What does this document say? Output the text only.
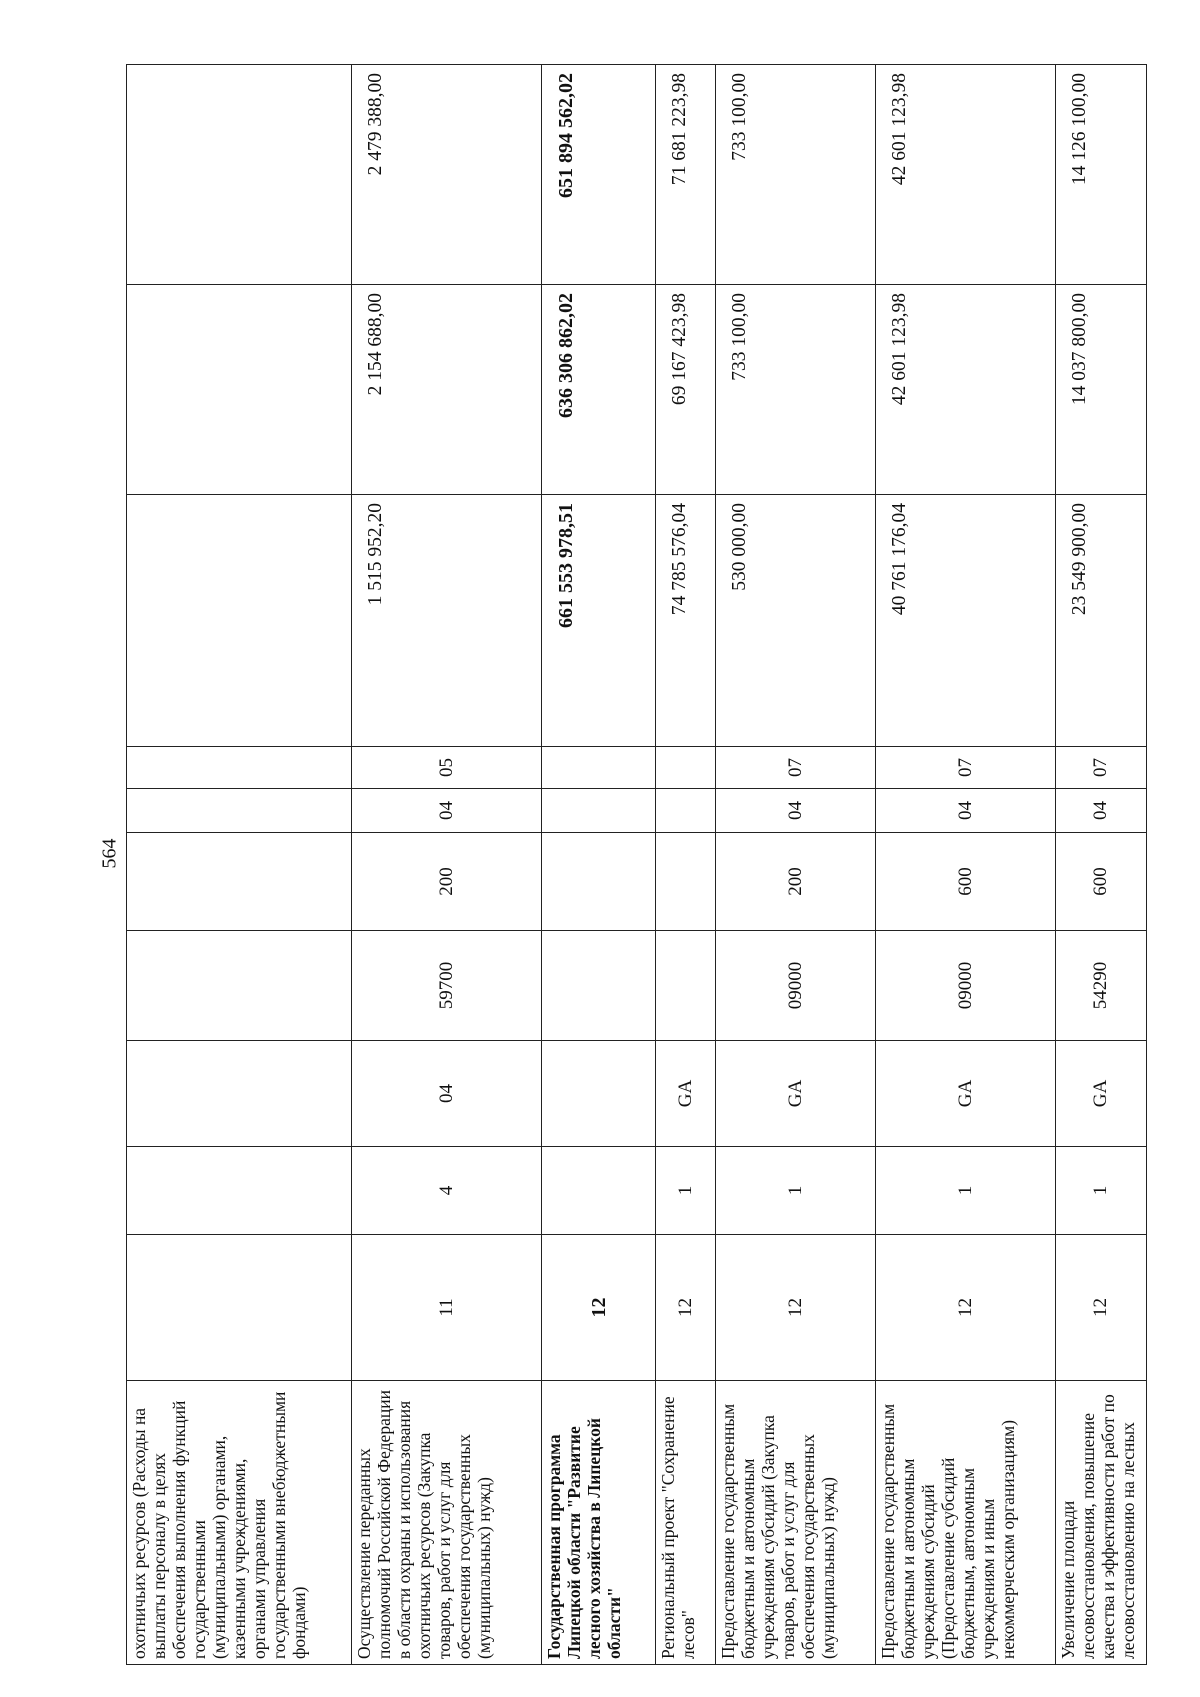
564
охотничьих ресурсов (Расходы на выплаты персоналу в целях обеспечения выполнения функций государственными (муниципальными) органами, казенными учреждениями, органами управления государственными внебюджетными фондами)										
Осуществление переданных полномочий Российской Федерации в области охраны и использования охотничьих ресурсов (Закупка товаров, работ и услуг для обеспечения государственных (муниципальных) нужд)	11	4	04	59700	200	04	05	1 515 952,20	2 154 688,00	2 479 388,00
Государственная программа Липецкой области "Развитие лесного хозяйства в Липецкой области"	12							661 553 978,51	636 306 862,02	651 894 562,02
Региональный проект "Сохранение лесов"	12	1	GA					74 785 576,04	69 167 423,98	71 681 223,98
Предоставление государственным бюджетным и автономным учреждениям субсидий (Закупка товаров, работ и услуг для обеспечения государственных (муниципальных) нужд)	12	1	GA	09000	200	04	07	530 000,00	733 100,00	733 100,00
Предоставление государственным бюджетным и автономным учреждениям субсидий (Предоставление субсидий бюджетным, автономным учреждениям и иным некоммерческим организациям)	12	1	GA	09000	600	04	07	40 761 176,04	42 601 123,98	42 601 123,98
Увеличение площади лесовосстановления, повышение качества и эффективности работ по лесовосстановлению на лесных	12	1	GA	54290	600	04	07	23 549 900,00	14 037 800,00	14 126 100,00
